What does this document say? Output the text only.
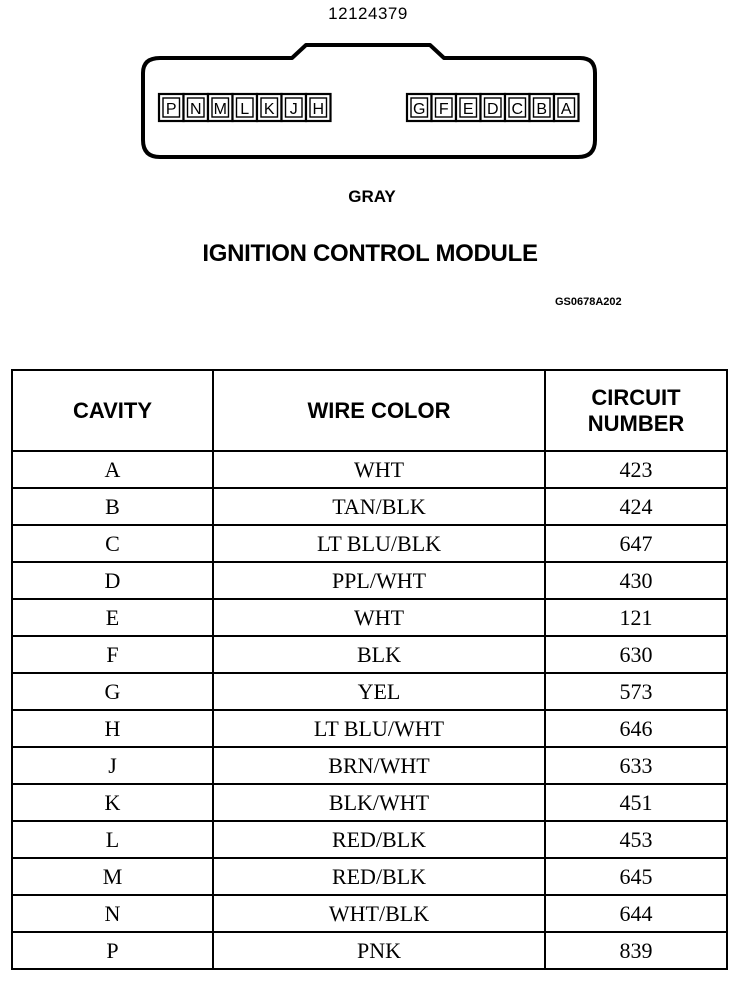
12124379
P N M L K J H	G F E D C B A
GRAY
IGNITION CONTROL MODULE
GS0678A202
CAVITY	WIRE COLOR	CIRCUIT
NUMBER
A	WHT	423
B	TAN/BLK	424
C	LT BLU/BLK	647
D	PPL/WHT	430
E	WHT	121
F	BLK	630
G	YEL	573
H	LT BLU/WHT	646
J	BRN/WHT	633
K	BLK/WHT	451
L	RED/BLK	453
M	RED/BLK	645
N	WHT/BLK	644
P	PNK	839
